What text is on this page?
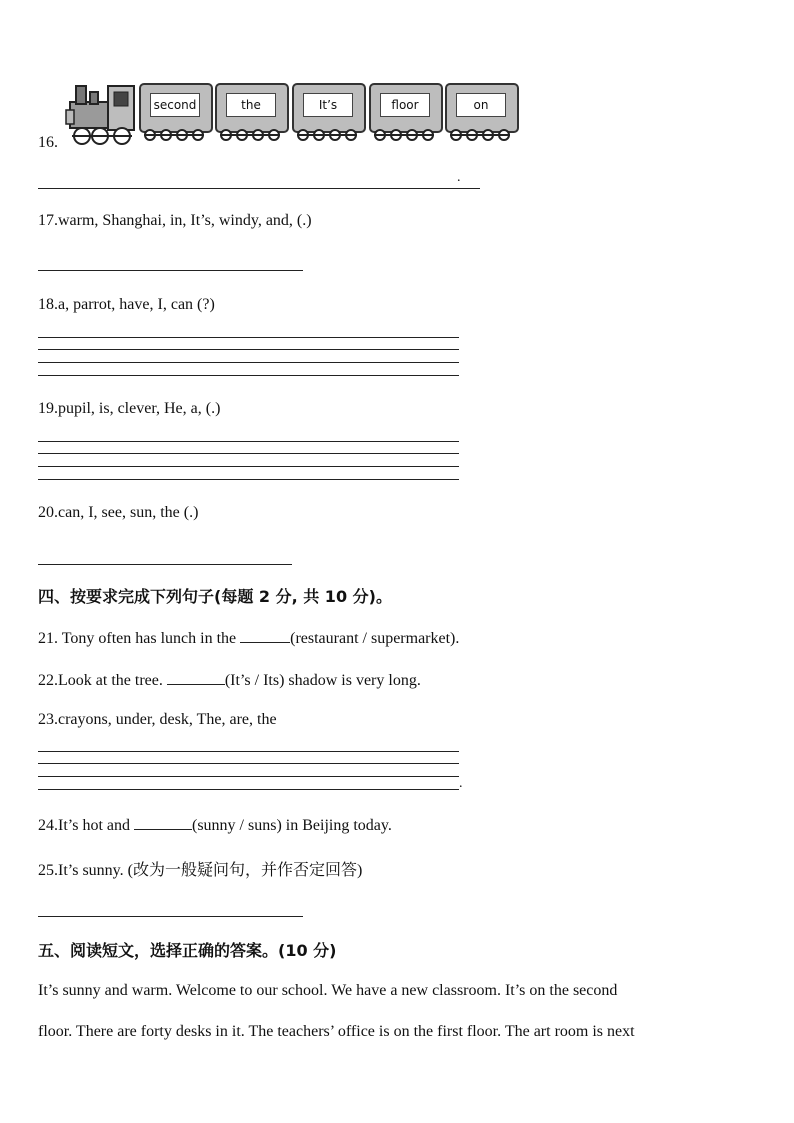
second	the	It’s	floor	on
16.
.
17.warm, Shanghai, in, It’s, windy, and, (.)
18.a, parrot, have, I, can (?)
19.pupil, is, clever, He, a, (.)
20.can, I, see, sun, the (.)
四、按要求完成下列句子(每题 2 分, 共 10 分)。
21. Tony often has lunch in the	(restaurant / supermarket).
22.Look at the tree.	(It’s / Its) shadow is very long.
23.crayons, under, desk, The, are, the
.
24.It’s hot and	(sunny / suns) in Beijing today.
25.It’s sunny. (改为一般疑问句，并作否定回答)
五、阅读短文，选择正确的答案。(10 分)
It’s sunny and warm. Welcome to our school. We have a new classroom. It’s on the second
floor. There are forty desks in it. The teachers’ office is on the first floor. The art room is next
